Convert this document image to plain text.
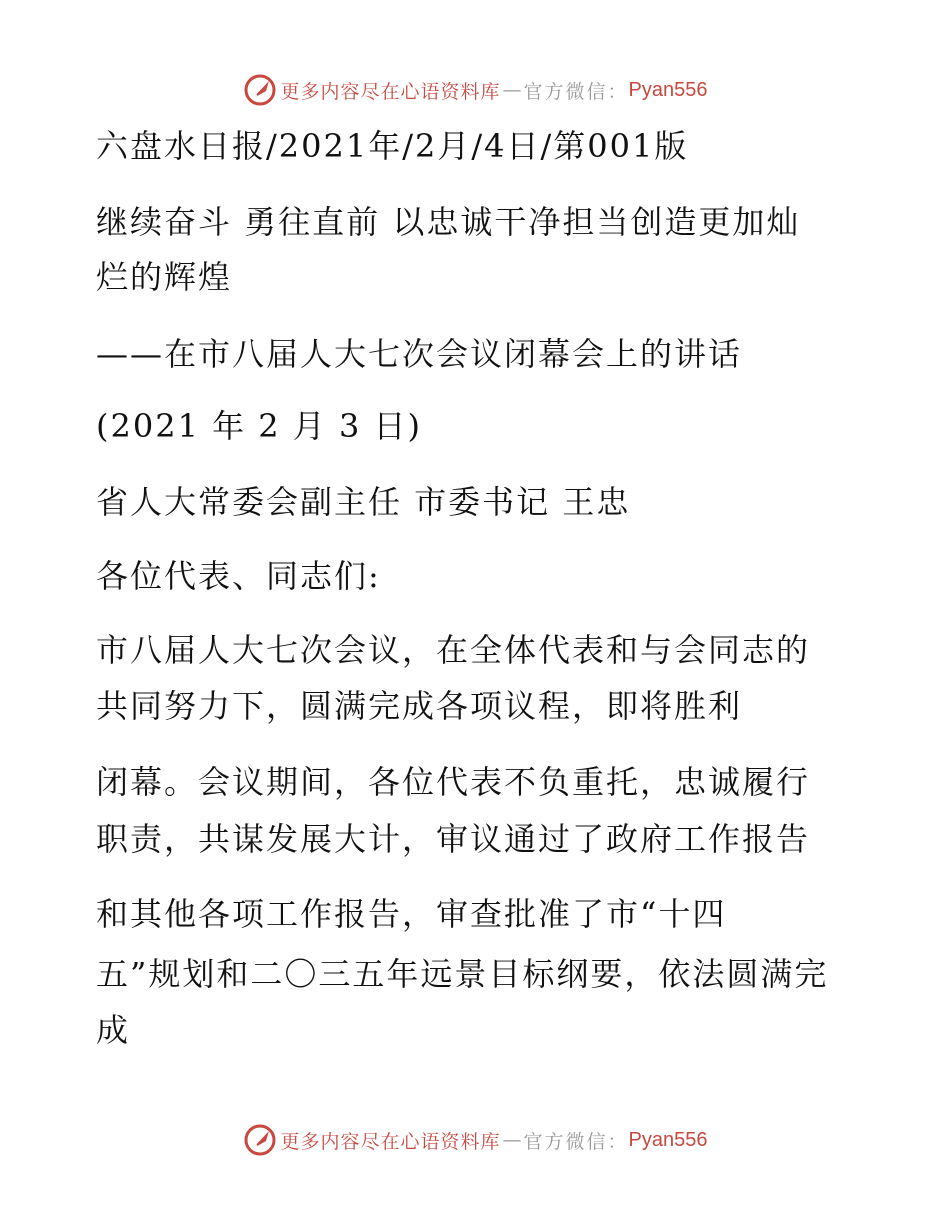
更多内容尽在心语资料库 — 官方微信： Pyan556
六盘水日报/2021年/2月/4日/第001版
继续奋斗 勇往直前 以忠诚干净担当创造更加灿
烂的辉煌
——在市八届人大七次会议闭幕会上的讲话
(2021 年 2 月 3 日)
省人大常委会副主任 市委书记 王忠
各位代表、同志们:
市八届人大七次会议，在全体代表和与会同志的
共同努力下，圆满完成各项议程，即将胜利
闭幕。会议期间，各位代表不负重托，忠诚履行
职责，共谋发展大计，审议通过了政府工作报告
和其他各项工作报告，审查批准了市“十四
五”规划和二〇三五年远景目标纲要，依法圆满完
成
更多内容尽在心语资料库 — 官方微信： Pyan556
